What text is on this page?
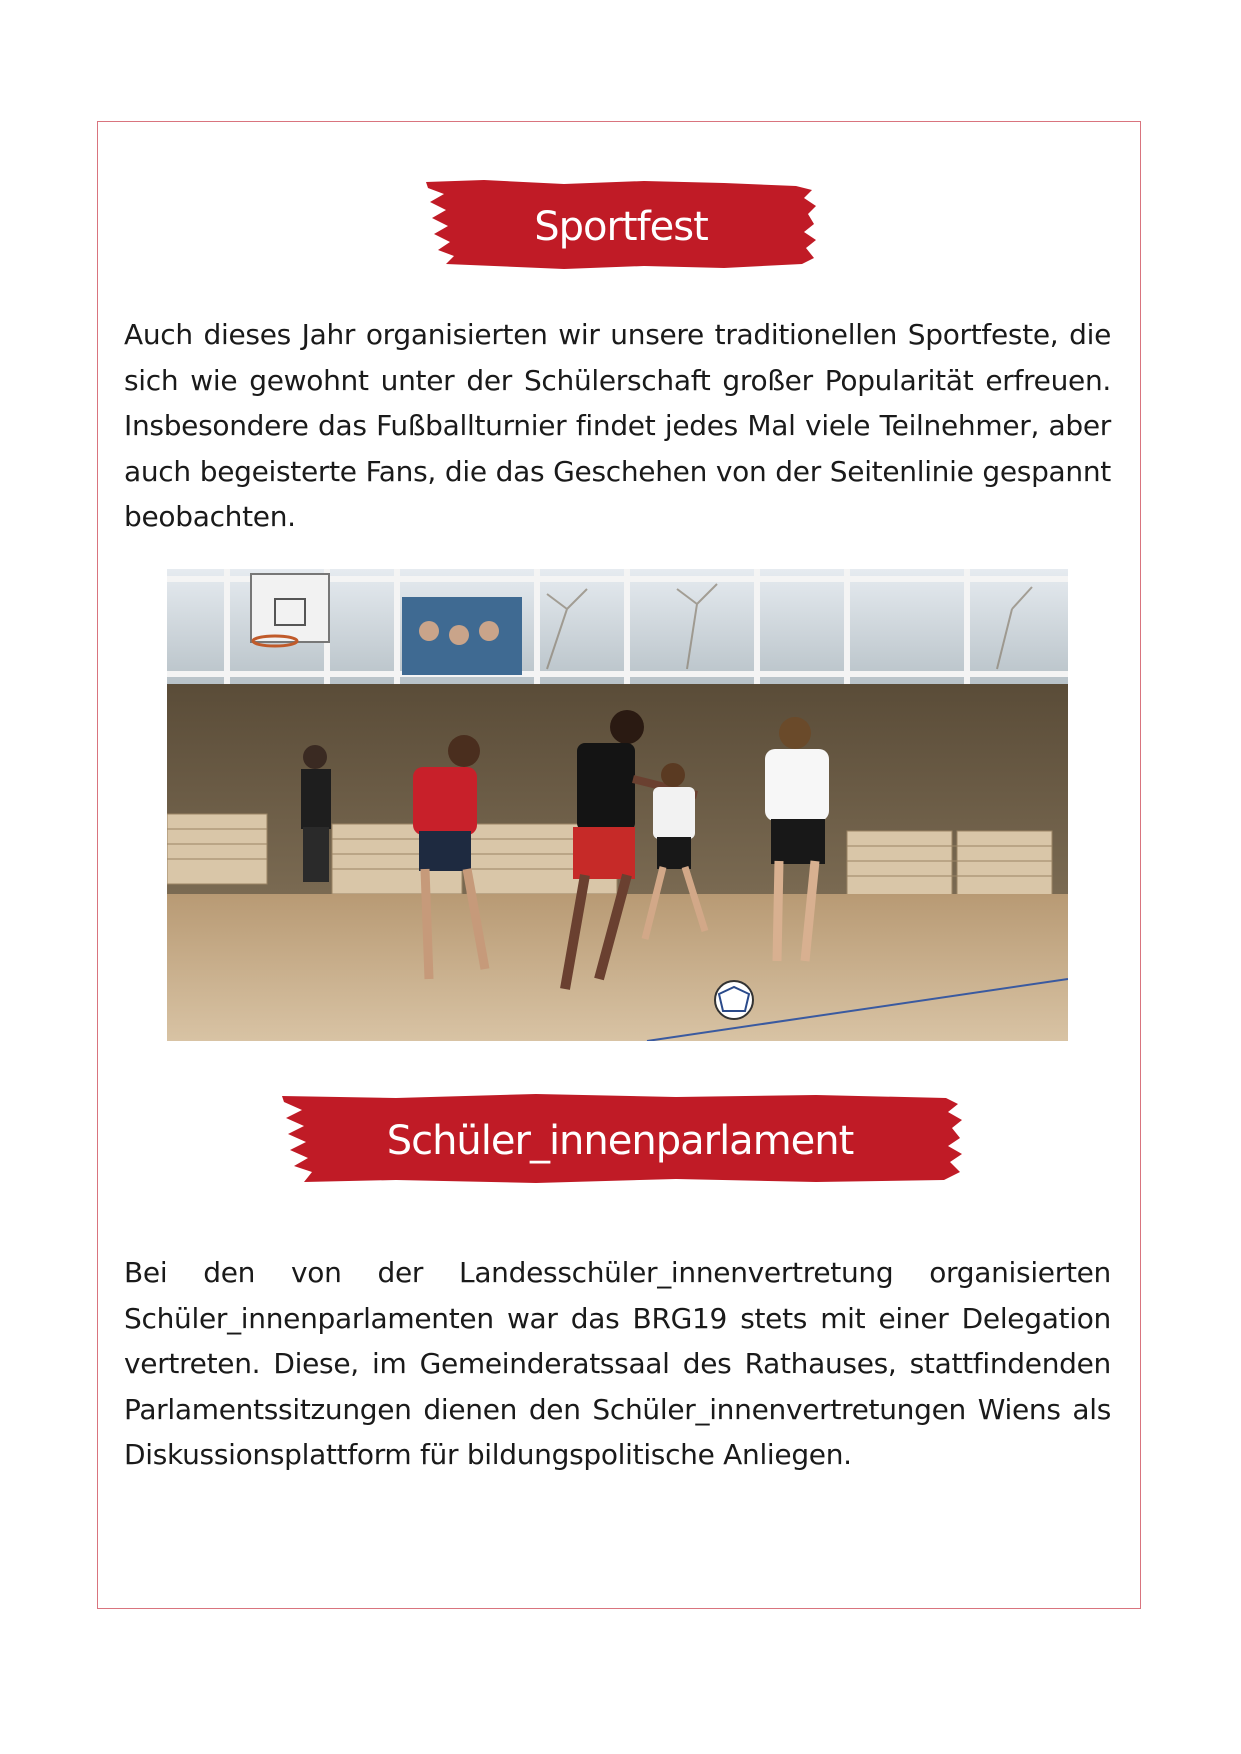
Sportfest

Auch dieses Jahr organisierten wir unsere traditionellen Sportfeste, die sich wie gewohnt unter der Schülerschaft großer Popularität erfreuen. Insbesondere das Fußballturnier findet jedes Mal viele Teilnehmer, aber auch begeisterte Fans, die das Geschehen von der Seitenlinie gespannt beobachten.

Schüler_innenparlament

Bei den von der Landesschüler_innenvertretung organisierten Schüler_innenparlamenten war das BRG19 stets mit einer Delegation vertreten. Diese, im Gemeinderatssaal des Rathauses, stattfindenden Parlamentssitzungen dienen den Schüler_innenvertretungen Wiens als Diskussionsplattform für bildungspolitische Anliegen.
